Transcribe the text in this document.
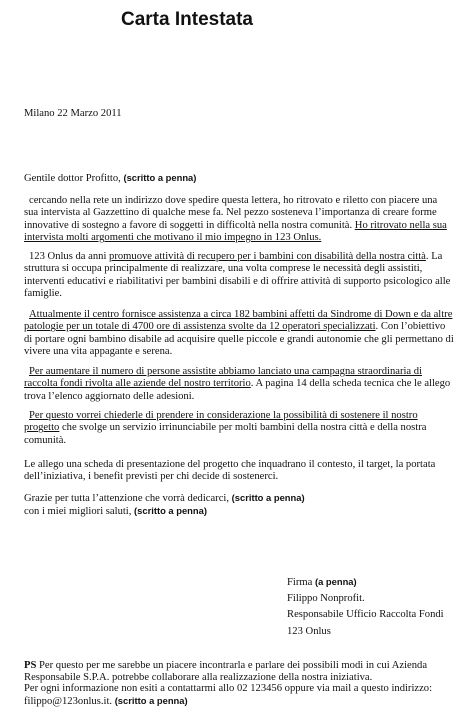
Carta Intestata
Milano 22 Marzo 2011
Gentile dottor Profitto, (scritto a penna)
cercando nella rete un indirizzo dove spedire questa lettera, ho ritrovato e riletto con piacere una sua intervista al Gazzettino di qualche mese fa. Nel pezzo sosteneva l’importanza di creare forme innovative di sostegno a favore di soggetti in difficoltà nella nostra comunità. Ho ritrovato nella sua intervista molti argomenti che motivano il mio impegno in 123 Onlus.
123 Onlus da anni promuove attività di recupero per i bambini con disabilità della nostra città. La struttura si occupa principalmente di realizzare, una volta comprese le necessità degli assistiti, interventi educativi e riabilitativi per bambini disabili e di offrire attività di supporto psicologico alle famiglie.
Attualmente il centro fornisce assistenza a circa 182 bambini affetti da Sindrome di Down e da altre patologie per un totale di 4700 ore di assistenza svolte da 12 operatori specializzati. Con l’obiettivo di portare ogni bambino disabile ad acquisire quelle piccole e grandi autonomie che gli permettano di vivere una vita appagante e serena.
Per aumentare il numero di persone assistite abbiamo lanciato una campagna straordinaria di raccolta fondi rivolta alle aziende del nostro territorio. A pagina 14 della scheda tecnica che le allego trova l’elenco aggiornato delle adesioni.
Per questo vorrei chiederle di prendere in considerazione la possibilità di sostenere il nostro progetto che svolge un servizio irrinunciabile per molti bambini della nostra città e della nostra comunità.
Le allego una scheda di presentazione del progetto che inquadrano il contesto, il target, la portata dell’iniziativa, i benefit previsti per chi decide di sostenerci.
Grazie per tutta l’attenzione che vorrà dedicarci, (scritto a penna)
con i miei migliori saluti, (scritto a penna)
Firma (a penna)
Filippo Nonprofit.
Responsabile Ufficio Raccolta Fondi
123 Onlus
PS Per questo per me sarebbe un piacere incontrarla e parlare dei possibili modi in cui Azienda Responsabile S.P.A. potrebbe collaborare alla realizzazione della nostra iniziativa.
Per ogni informazione non esiti a contattarmi allo 02 123456 oppure via mail a questo indirizzo: filippo@123onlus.it. (scritto a penna)
